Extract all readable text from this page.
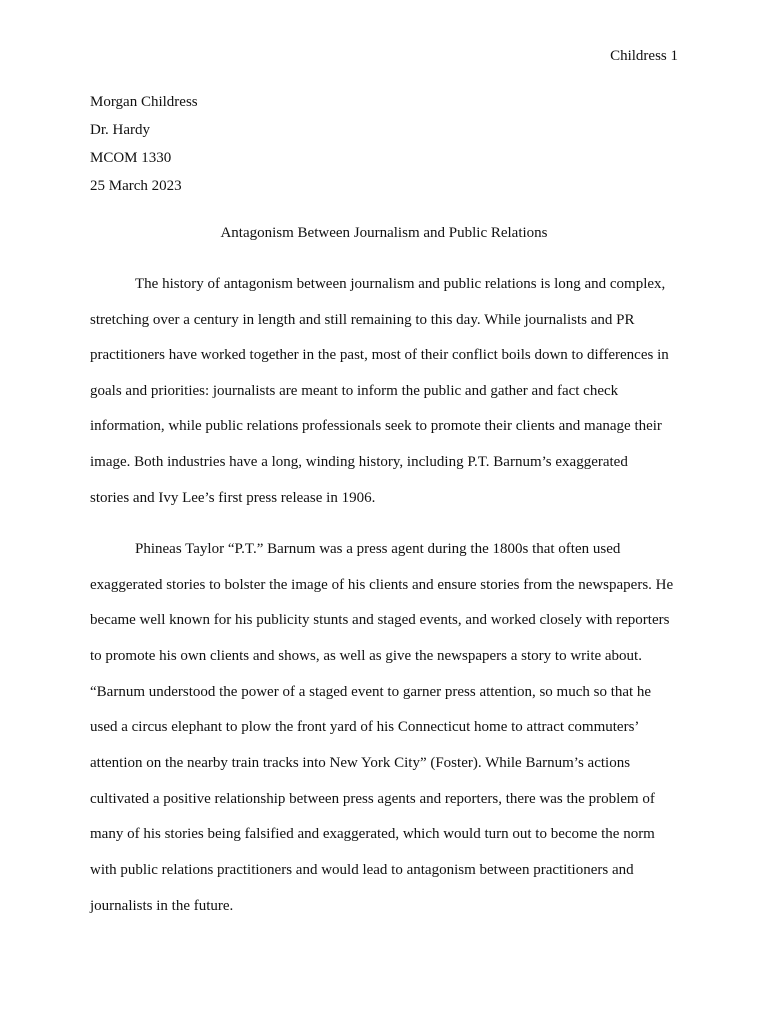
Childress 1
Morgan Childress
Dr. Hardy
MCOM 1330
25 March 2023
Antagonism Between Journalism and Public Relations
The history of antagonism between journalism and public relations is long and complex,
stretching over a century in length and still remaining to this day. While journalists and PR
practitioners have worked together in the past, most of their conflict boils down to differences in
goals and priorities: journalists are meant to inform the public and gather and fact check
information, while public relations professionals seek to promote their clients and manage their
image. Both industries have a long, winding history, including P.T. Barnum’s exaggerated
stories and Ivy Lee’s first press release in 1906.
Phineas Taylor “P.T.” Barnum was a press agent during the 1800s that often used
exaggerated stories to bolster the image of his clients and ensure stories from the newspapers. He
became well known for his publicity stunts and staged events, and worked closely with reporters
to promote his own clients and shows, as well as give the newspapers a story to write about.
“Barnum understood the power of a staged event to garner press attention, so much so that he
used a circus elephant to plow the front yard of his Connecticut home to attract commuters’
attention on the nearby train tracks into New York City” (Foster). While Barnum’s actions
cultivated a positive relationship between press agents and reporters, there was the problem of
many of his stories being falsified and exaggerated, which would turn out to become the norm
with public relations practitioners and would lead to antagonism between practitioners and
journalists in the future.
